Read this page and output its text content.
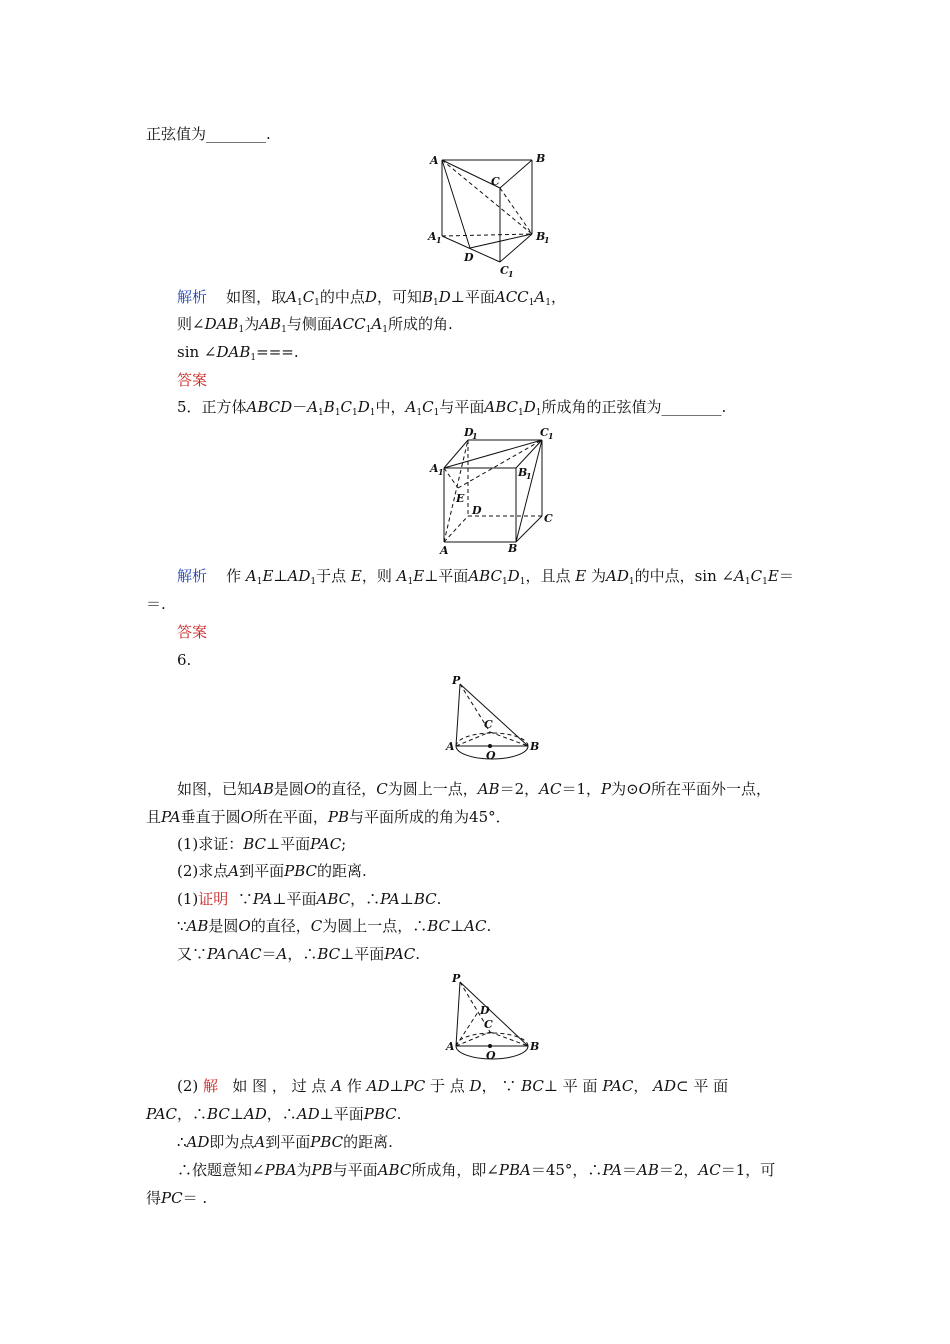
正弦值为________.
A	B
C
A 1	B
1
D
C 1
解析 如图，取$A_1C_1$的中点D，可知$B_1D\perp$平面$ACC_1A_1$，
则$\angle DAB_1$为$AB_1$与侧面$ACC_1A_1$所成的角.
$\sin \angle DAB_1===$.
答案
5．正方体$ABCD-A_1B_1C_1D_1$中，$A_1C_1$与平面$ABC_1D_1$所成角的正弦值为________.
D
1	C 1
A 1	B
1
E
D
C
A	B
解析 作 $A_1E\perp AD_1$于点 E，则 $A_1E\perp$平面$ABC_1D_1$，且点 E 为$AD_1$的中点，$\sin \angle A_1C_1E=$
＝.
答案
6.
P
C
A	B
O
如图，已知AB是圆O的直径，C为圆上一点，AB＝2，AC＝1，P为⊙O所在平面外一点，
且PA垂直于圆O所在平面，PB与平面所成的角为45°．
(1)求证：BC⊥平面PAC;
(2)求点A到平面PBC的距离.
(1)证明 ∵PA⊥平面ABC，∴PA⊥BC.
∵AB是圆O的直径，C为圆上一点，∴BC⊥AC.
又∵PA∩AC＝A，∴BC⊥平面PAC.
P
D
C
A	B
O
(2) 解 如 图 ， 过 点 A 作 AD⊥PC 于 点 D， ∵ BC⊥ 平 面 PAC， AD⊂ 平 面
PAC，∴BC⊥AD，∴AD⊥平面PBC.
∴AD即为点A到平面PBC的距离.
∴依题意知∠PBA为PB与平面ABC所成角，即∠PBA＝45°，∴PA＝AB＝2，AC＝1，可
得PC＝ .
